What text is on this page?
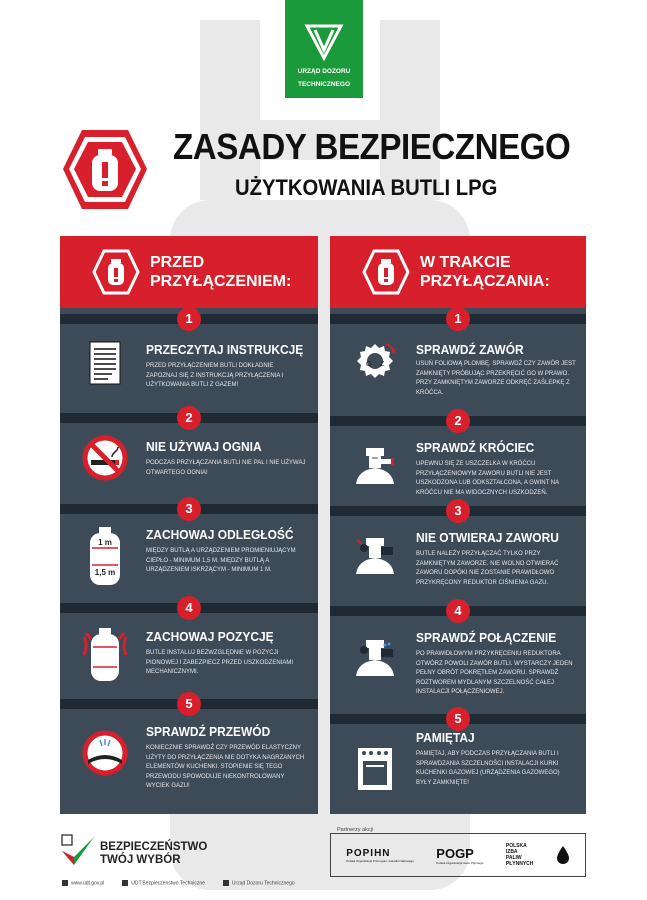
URZĄD DOZORU
TECHNICZNEGO
ZASADY BEZPIECZNEGO
UŻYTKOWANIA BUTLI LPG
PRZED
PRZYŁĄCZENIEM:
1
PRZECZYTAJ INSTRUKCJĘ
PRZED PRZYŁĄCZENIEM BUTLI DOKŁADNIE ZAPOZNAJ SIĘ Z INSTRUKCJĄ PRZYŁĄCZENIA I UŻYTKOWANIA BUTLI Z GAZEM!
2
NIE UŻYWAJ OGNIA
PODCZAS PRZYŁĄCZANIA BUTLI NIE PAL I NIE UŻYWAJ OTWARTEGO OGNIA!
3
1 m
1,5 m
ZACHOWAJ ODLEGŁOŚĆ
MIĘDZY BUTLĄ A URZĄDZENIEM PROMIENIUJĄCYM CIEPŁO - MINIMUM 1,5 M. MIĘDZY BUTLĄ A URZĄDZENIEM ISKRZĄCYM - MINIMUM 1 M.
4
ZACHOWAJ POZYCJĘ
BUTLE INSTALUJ BEZWZGLĘDNIE W POZYCJI PIONOWEJ I ZABEZPIECZ PRZED USZKODZENIAMI MECHANICZNYMI.
5
SPRAWDŹ PRZEWÓD
KONIECZNIE SPRAWDŹ CZY PRZEWÓD ELASTYCZNY UŻYTY DO PRZYŁĄCZENIA NIE DOTYKA NAGRZANYCH ELEMENTÓW KUCHENKI. STOPIENIE SIĘ TEGO PRZEWODU SPOWODUJE NIEKONTROLOWANY WYCIEK GAZU!
W TRAKCIE
PRZYŁĄCZANIA:
1
O Z
SPRAWDŹ ZAWÓR
USUŃ FOLIOWĄ PLOMBĘ. SPRAWDŹ CZY ZAWÓR JEST ZAMKNIĘTY PRÓBUJĄC PRZEKRĘCIĆ GO W PRAWO. PRZY ZAMKNIĘTYM ZAWORZE ODKRĘĆ ZAŚLEPKĘ Z KRÓĆCA.
2
SPRAWDŹ KRÓCIEC
UPEWNIJ SIĘ ŻE USZCZELKA W KRÓĆCU PRZYŁĄCZENIOWYM ZAWORU BUTLI NIE JEST USZKODZONA LUB ODKSZTAŁCONA, A GWINT NA KRÓĆCU NIE MA WIDOCZNYCH USZKODZEŃ.
3
NIE OTWIERAJ ZAWORU
BUTLE NALEŻY PRZYŁĄCZAĆ TYLKO PRZY ZAMKNIĘTYM ZAWORZE. NIE WOLNO OTWIERAĆ ZAWORU DOPÓKI NIE ZOSTANIE PRAWIDŁOWO PRZYKRĘCONY REDUKTOR CIŚNIENIA GAZU.
4
SPRAWDŹ POŁĄCZENIE
PO PRAWIDŁOWYM PRZYKRĘCENIU REDUKTORA OTWÓRZ POWOLI ZAWÓR BUTLI. WYSTARCZY JEDEN PEŁNY OBRÓT POKRĘTŁEM ZAWORU. SPRAWDŹ ROZTWOREM MYDLANYM SZCZELNOŚĆ CAŁEJ INSTALACJI POŁĄCZENIOWEJ.
5
PAMIĘTAJ
PAMIĘTAJ, ABY PODCZAS PRZYŁĄCZANIA BUTLI I SPRAWDZANIA SZCZELNOŚCI INSTALACJI KURKI KUCHENKI GAZOWEJ (URZĄDZENIA GAZOWEGO) BYŁY ZAMKNIĘTE!
BEZPIECZEŃSTWO
TWÓJ WYBÓR
www.udt.gov.pl	UDT.Bezpieczenstwo.Techniczne	Urząd Dozoru Technicznego
Partnerzy akcji
POPIHN
Polska Organizacja Przemysłu i Handlu Naftowego POGP
Polska Organizacja Gazu Płynnego
POLSKA
IZBA
PALIW
PŁYNNYCH
